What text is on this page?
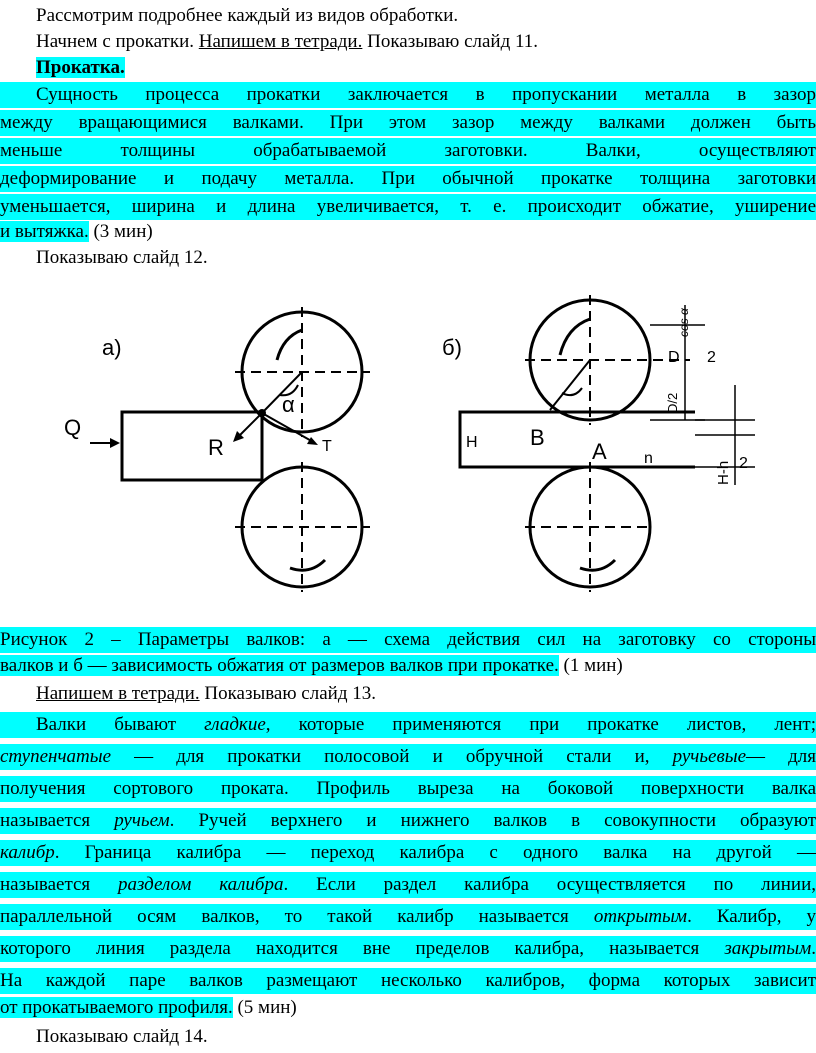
Рассмотрим подробнее каждый из видов обработки.
Начнем с прокатки. Напишем в тетради. Показываю слайд 11.
Прокатка.
Сущность процесса прокатки заключается в пропускании металла в зазор
между вращающимися валками. При этом зазор между валками должен быть
меньше толщины обрабатываемой заготовки. Валки, осуществляют
деформирование и подачу металла. При обычной прокатке толщина заготовки
уменьшается, ширина и длина увеличивается, т. е. происходит обжатие, уширение
и вытяжка. (3 мин)
Показываю слайд 12.
а)
Q
R
α
T
б)
H B
A n
D 2
D/2
H-h 2
cos α
Рисунок 2 – Параметры валков: а — схема действия сил на заготовку со стороны
валков и б — зависимость обжатия от размеров валков при прокатке. (1 мин)
Напишем в тетради. Показываю слайд 13.
Валки бывают гладкие, которые применяются при прокатке листов, лент;
ступенчатые — для прокатки полосовой и обручной стали и, ручьевые— для
получения сортового проката. Профиль выреза на боковой поверхности валка
называется ручьем. Ручей верхнего и нижнего валков в совокупности образуют
калибр. Граница калибра — переход калибра с одного валка на другой —
называется разделом калибра. Если раздел калибра осуществляется по линии,
параллельной осям валков, то такой калибр называется открытым. Калибр, у
которого линия раздела находится вне пределов калибра, называется закрытым.
На каждой паре валков размещают несколько калибров, форма которых зависит
от прокатываемого профиля. (5 мин)
Показываю слайд 14.
